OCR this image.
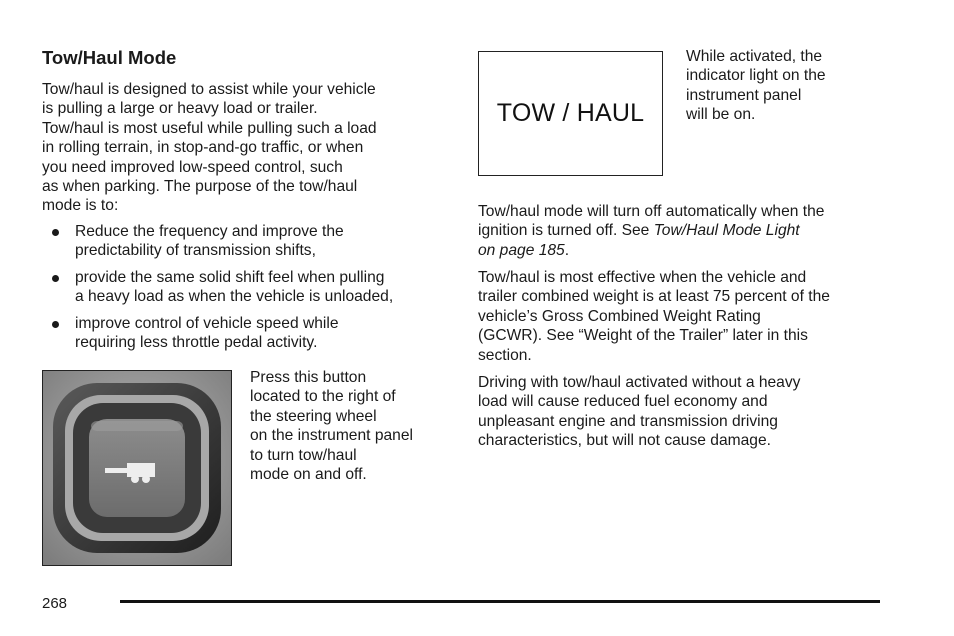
Tow/Haul Mode

Tow/haul is designed to assist while your vehicle
is pulling a large or heavy load or trailer.
Tow/haul is most useful while pulling such a load
in rolling terrain, in stop-and-go traffic, or when
you need improved low-speed control, such
as when parking. The purpose of the tow/haul
mode is to:

Reduce the frequency and improve the
predictability of transmission shifts,
provide the same solid shift feel when pulling
a heavy load as when the vehicle is unloaded,
improve control of vehicle speed while
requiring less throttle pedal activity.

Press this button
located to the right of
the steering wheel
on the instrument panel
to turn tow/haul
mode on and off.

TOW / HAUL

While activated, the
indicator light on the
instrument panel
will be on.

Tow/haul mode will turn off automatically when the
ignition is turned off. See Tow/Haul Mode Light
on page 185.

Tow/haul is most effective when the vehicle and
trailer combined weight is at least 75 percent of the
vehicle’s Gross Combined Weight Rating
(GCWR). See “Weight of the Trailer” later in this
section.

Driving with tow/haul activated without a heavy
load will cause reduced fuel economy and
unpleasant engine and transmission driving
characteristics, but will not cause damage.

268
